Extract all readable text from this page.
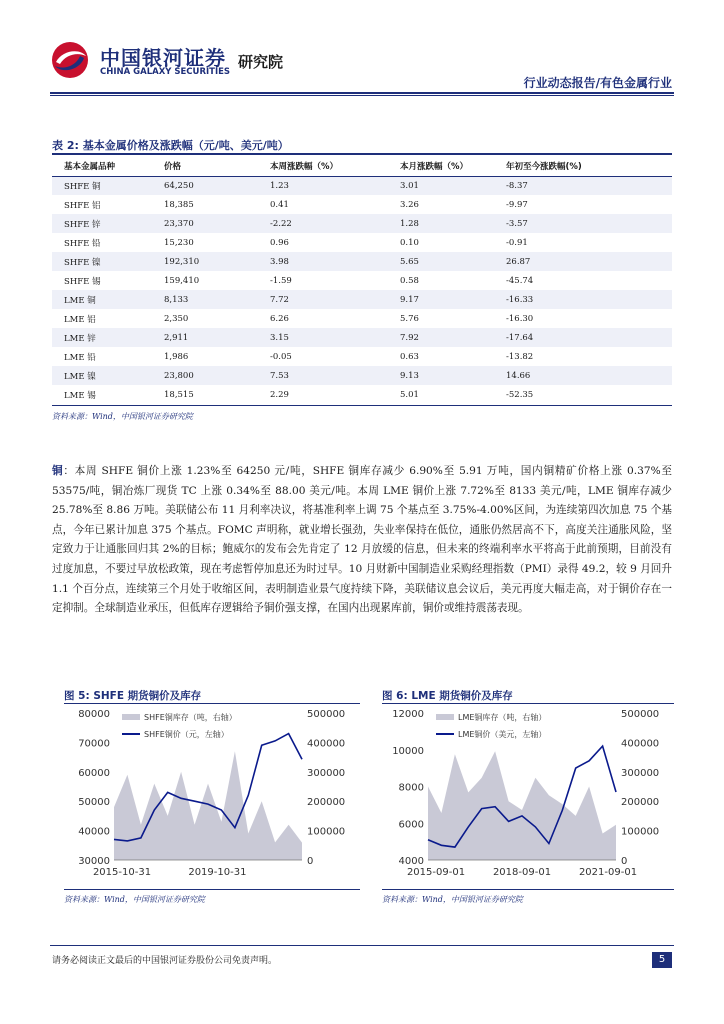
中国银河证券
CHINA GALAXY SECURITIES
研究院
行业动态报告/有色金属行业
表 2: 基本金属价格及涨跌幅（元/吨、美元/吨）
基本金属品种	价格	本周涨跌幅（%）	本月涨跌幅（%）	年初至今涨跌幅(%)
SHFE 铜	64,250	1.23	3.01	-8.37
SHFE 铝	18,385	0.41	3.26	-9.97
SHFE 锌	23,370	-2.22	1.28	-3.57
SHFE 铅	15,230	0.96	0.10	-0.91
SHFE 镍	192,310	3.98	5.65	26.87
SHFE 锡	159,410	-1.59	0.58	-45.74
LME 铜	8,133	7.72	9.17	-16.33
LME 铝	2,350	6.26	5.76	-16.30
LME 锌	2,911	3.15	7.92	-17.64
LME 铅	1,986	-0.05	0.63	-13.82
LME 镍	23,800	7.53	9.13	14.66
LME 锡	18,515	2.29	5.01	-52.35
资料来源：Wind，中国银河证券研究院
铜：本周 SHFE 铜价上涨 1.23%至 64250 元/吨，SHFE 铜库存减少 6.90%至 5.91 万吨，国内铜精矿价格上涨 0.37%至 53575/吨，铜冶炼厂现货 TC 上涨 0.34%至 88.00 美元/吨。本周 LME 铜价上涨 7.72%至 8133 美元/吨，LME 铜库存减少 25.78%至 8.86 万吨。美联储公布 11 月利率决议，将基准利率上调 75 个基点至 3.75%-4.00%区间，为连续第四次加息 75 个基点，今年已累计加息 375 个基点。FOMC 声明称，就业增长强劲，失业率保持在低位，通胀仍然居高不下，高度关注通胀风险，坚定致力于让通胀回归其 2%的目标；鲍威尔的发布会先肯定了 12 月放缓的信息，但未来的终端利率水平将高于此前预期，目前没有过度加息，不要过早放松政策，现在考虑暂停加息还为时过早。10 月财新中国制造业采购经理指数（PMI）录得 49.2，较 9 月回升 1.1 个百分点，连续第三个月处于收缩区间，表明制造业景气度持续下降，美联储议息会议后，美元再度大幅走高，对于铜价存在一定抑制。全球制造业承压，但低库存逻辑给予铜价强支撑，在国内出现累库前，铜价或维持震荡表现。
图 5: SHFE 期货铜价及库存
80000
70000
60000
50000
40000
30000
500000
400000
300000
200000
100000
0
2015-10-31	2019-10-31
SHFE铜库存（吨，右轴）
SHFE铜价（元，左轴）
资料来源：Wind，中国银河证券研究院
图 6: LME 期货铜价及库存
12000
10000
8000
6000
4000
500000
400000
300000
200000
100000
0
2015-09-01	2018-09-01	2021-09-01
LME铜库存（吨，右轴）
LME铜价（美元，左轴）
资料来源：Wind，中国银河证券研究院
请务必阅读正文最后的中国银河证券股份公司免责声明。	5
